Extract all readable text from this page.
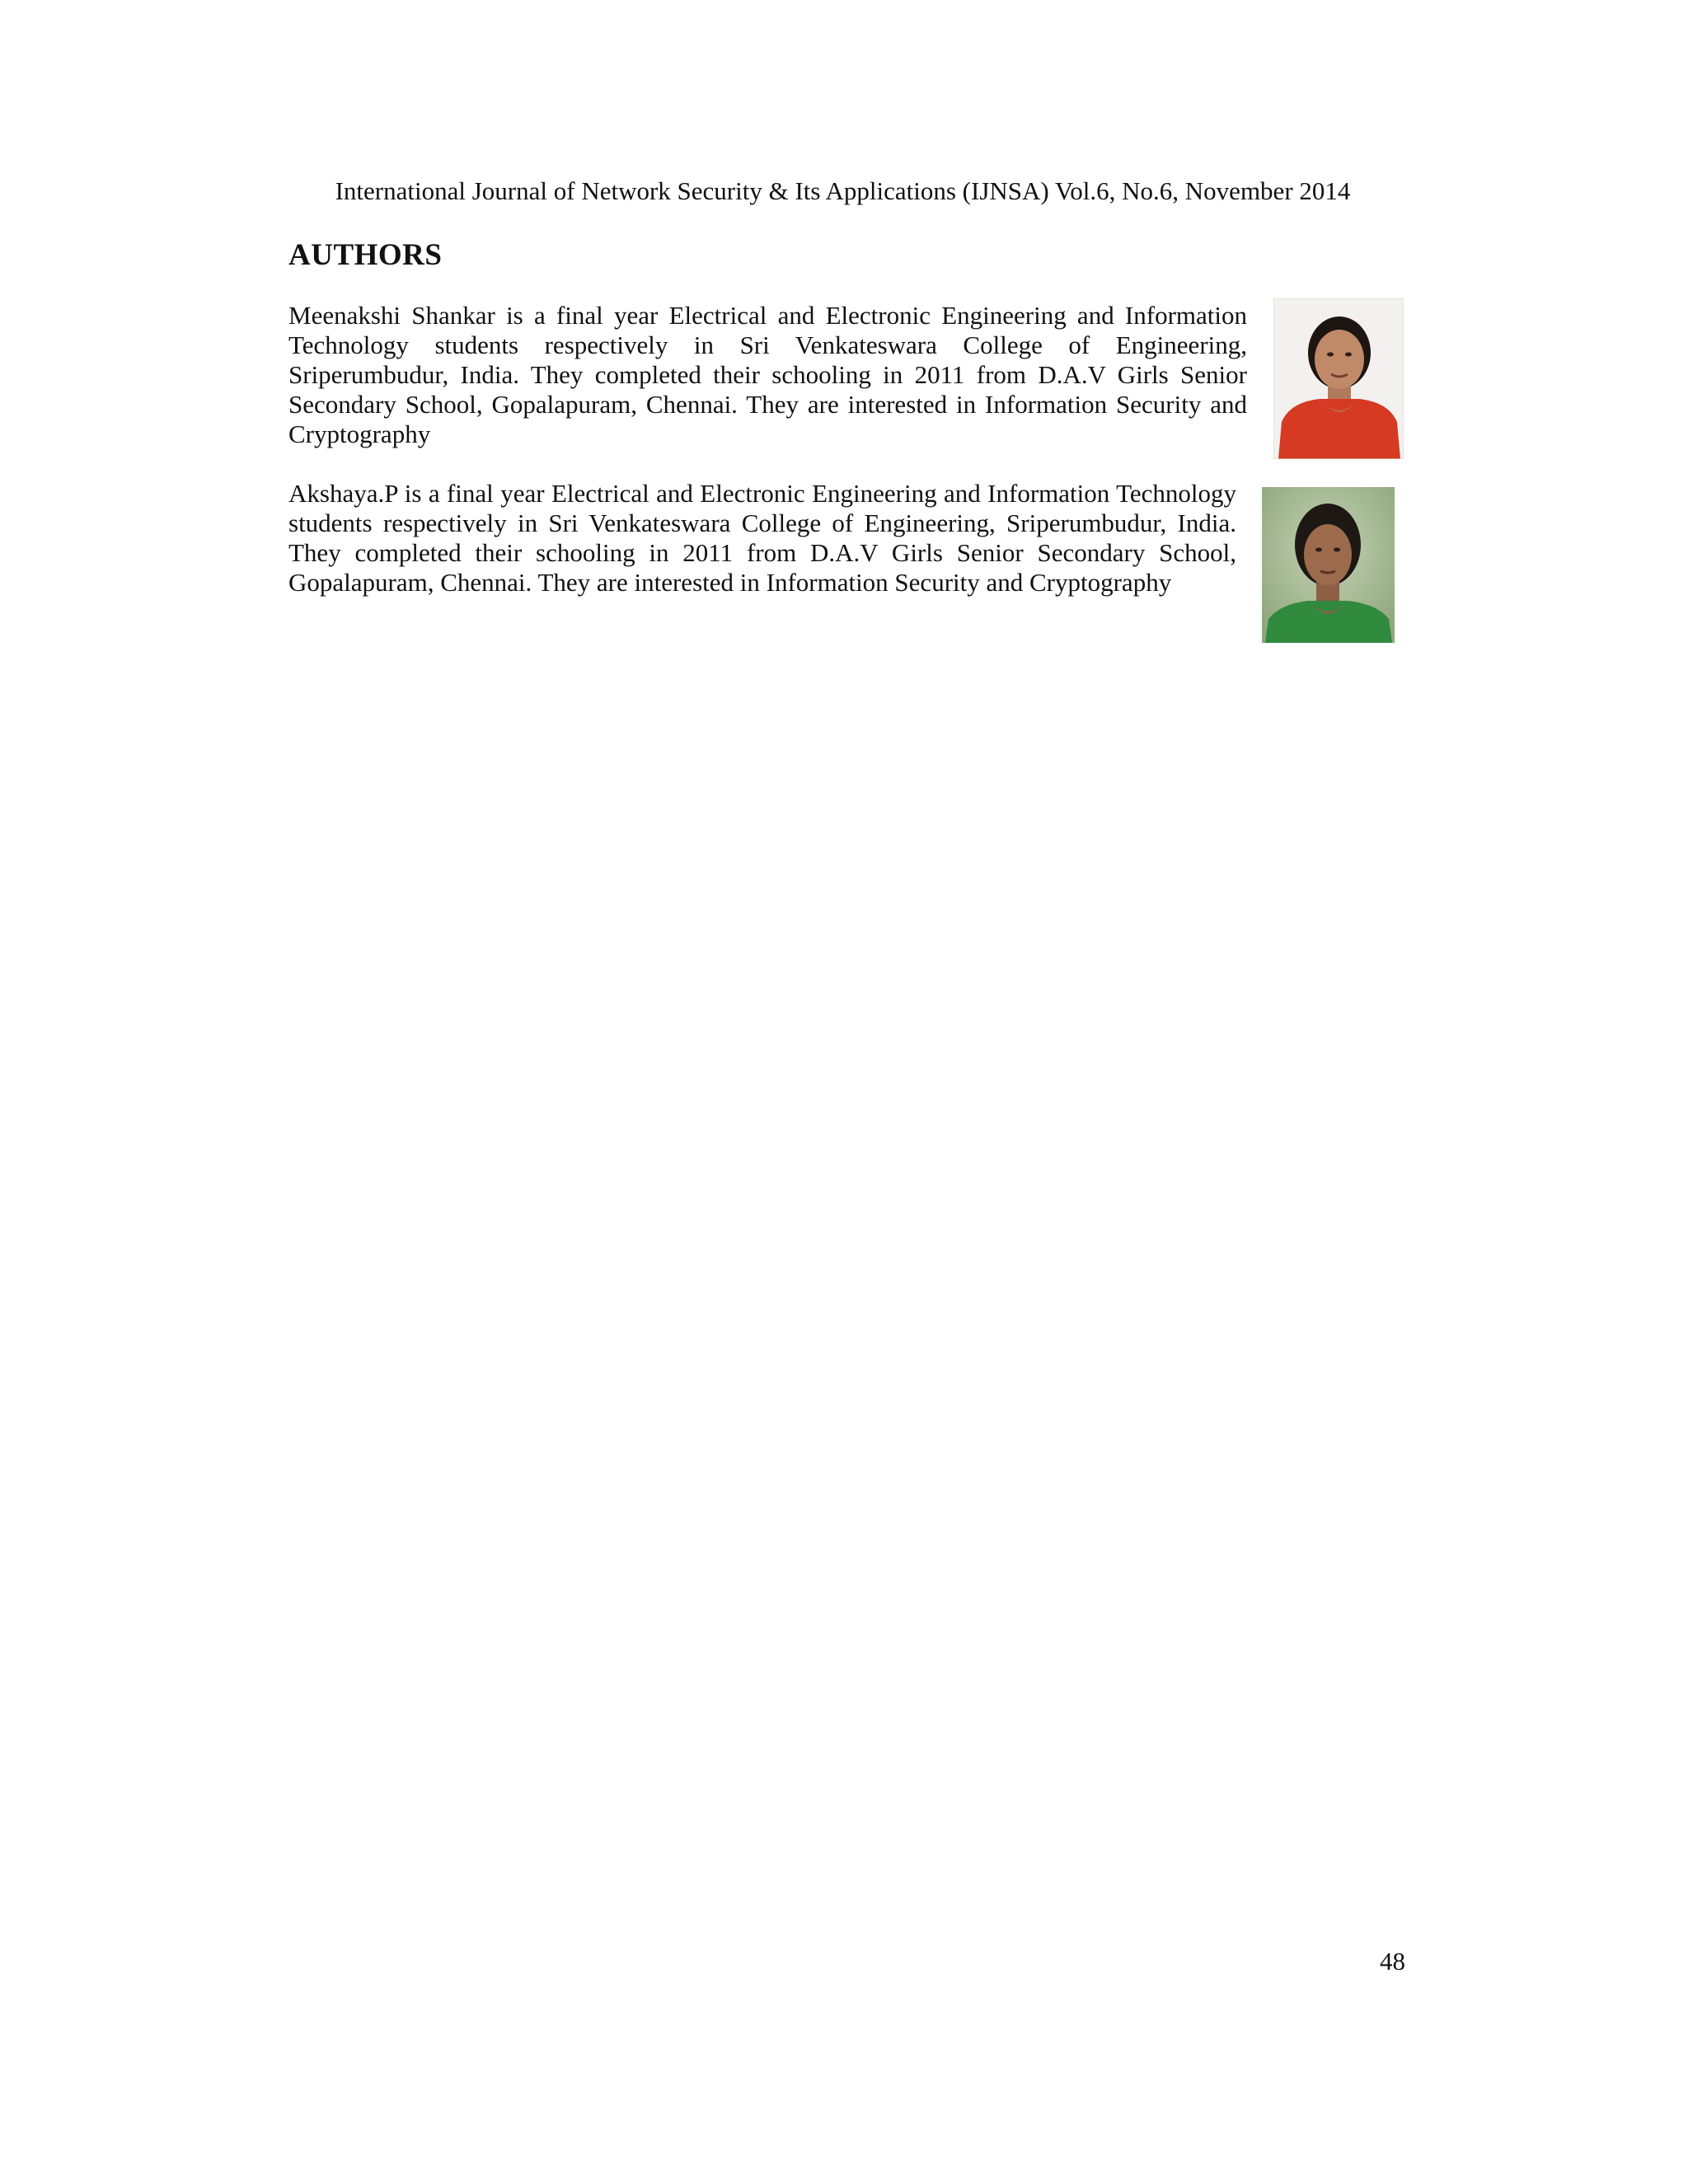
International Journal of Network Security & Its Applications (IJNSA) Vol.6, No.6, November 2014
AUTHORS

Meenakshi Shankar is a final year Electrical and Electronic Engineering and Information Technology students respectively in Sri Venkateswara College of Engineering, Sriperumbudur, India. They completed their schooling in 2011 from D.A.V Girls Senior Secondary School, Gopalapuram, Chennai. They are interested in Information Security and Cryptography

Akshaya.P is a final year Electrical and Electronic Engineering and Information Technology students respectively in Sri Venkateswara College of Engineering, Sriperumbudur, India. They completed their schooling in 2011 from D.A.V Girls Senior Secondary School, Gopalapuram, Chennai. They are interested in Information Security and Cryptography

48
